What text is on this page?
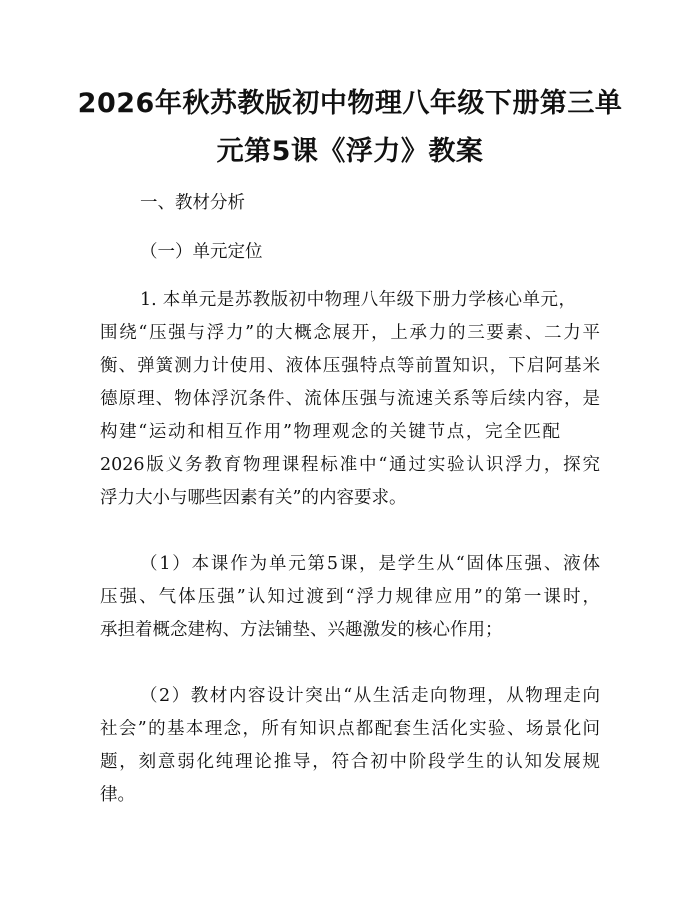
2026年秋苏教版初中物理八年级下册第三单
元第5课《浮力》教案

一、教材分析

（一）单元定位

1. 本单元是苏教版初中物理八年级下册力学核心单元，

围绕“压强与浮力”的大概念展开，上承力的三要素、二力平

衡、弹簧测力计使用、液体压强特点等前置知识，下启阿基米

德原理、物体浮沉条件、流体压强与流速关系等后续内容，是

构建“运动和相互作用”物理观念的关键节点，完全匹配

2026版义务教育物理课程标准中“通过实验认识浮力，探究

浮力大小与哪些因素有关”的内容要求。

（1）本课作为单元第5课，是学生从“固体压强、液体

压强、气体压强”认知过渡到“浮力规律应用”的第一课时，

承担着概念建构、方法铺垫、兴趣激发的核心作用；

（2）教材内容设计突出“从生活走向物理，从物理走向

社会”的基本理念，所有知识点都配套生活化实验、场景化问

题，刻意弱化纯理论推导，符合初中阶段学生的认知发展规

律。
